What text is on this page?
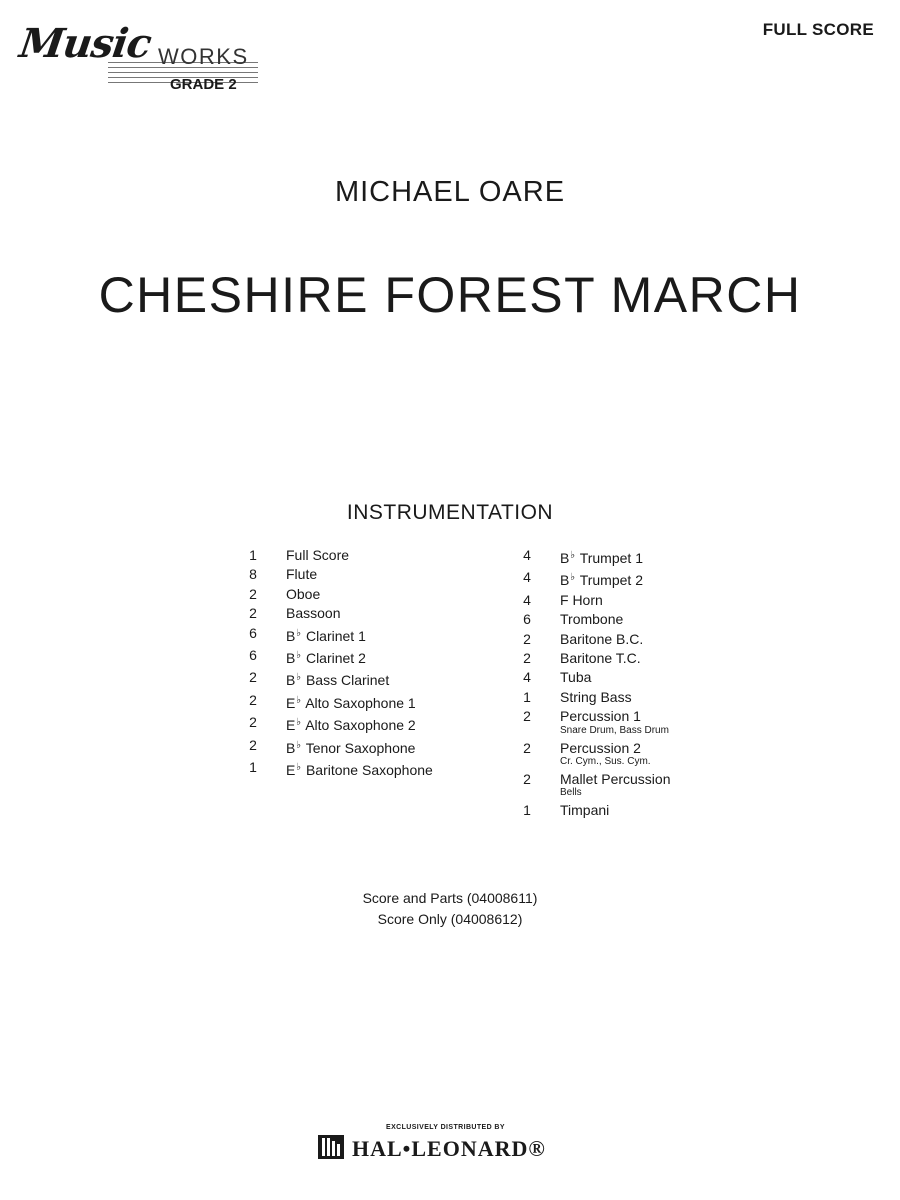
FULL SCORE
Music WORKS
GRADE 2
MICHAEL OARE
CHESHIRE FOREST MARCH
INSTRUMENTATION
1	Full Score
8	Flute
2	Oboe
2	Bassoon
6	B♭ Clarinet 1
6	B♭ Clarinet 2
2	B♭ Bass Clarinet
2	E♭ Alto Saxophone 1
2	E♭ Alto Saxophone 2
2	B♭ Tenor Saxophone
1	E♭ Baritone Saxophone
4	B♭ Trumpet 1
4	B♭ Trumpet 2
4	F Horn
6	Trombone
2	Baritone B.C.
2	Baritone T.C.
4	Tuba
1	String Bass
2	Percussion 1
Snare Drum, Bass Drum
2	Percussion 2
Cr. Cym., Sus. Cym.
2	Mallet Percussion
Bells
1	Timpani
Score and Parts (04008611)
Score Only (04008612)
EXCLUSIVELY DISTRIBUTED BY
HAL•LEONARD®
